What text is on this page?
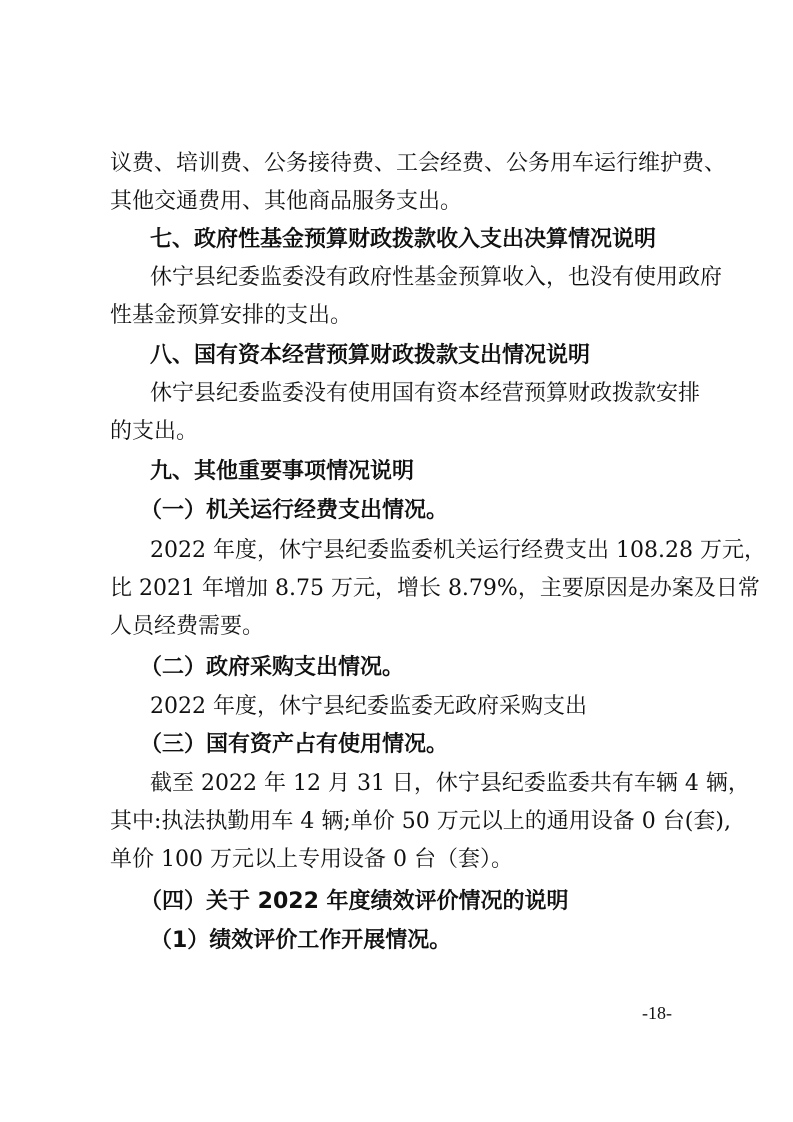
议费、培训费、公务接待费、工会经费、公务用车运行维护费、
其他交通费用、其他商品服务支出。
七、政府性基金预算财政拨款收入支出决算情况说明
休宁县纪委监委没有政府性基金预算收入，也没有使用政府
性基金预算安排的支出。
八、国有资本经营预算财政拨款支出情况说明
休宁县纪委监委没有使用国有资本经营预算财政拨款安排
的支出。
九、其他重要事项情况说明
（一）机关运行经费支出情况。
2022 年度，休宁县纪委监委机关运行经费支出 108.28 万元，
比 2021 年增加 8.75 万元，增长 8.79%，主要原因是办案及日常
人员经费需要。
（二）政府采购支出情况。
2022 年度，休宁县纪委监委无政府采购支出
（三）国有资产占有使用情况。
截至 2022 年 12 月 31 日，休宁县纪委监委共有车辆 4 辆，
其中:执法执勤用车 4 辆;单价 50 万元以上的通用设备 0 台(套),
单价 100 万元以上专用设备 0 台（套）。
（四）关于 2022 年度绩效评价情况的说明
（1）绩效评价工作开展情况。
-18-
